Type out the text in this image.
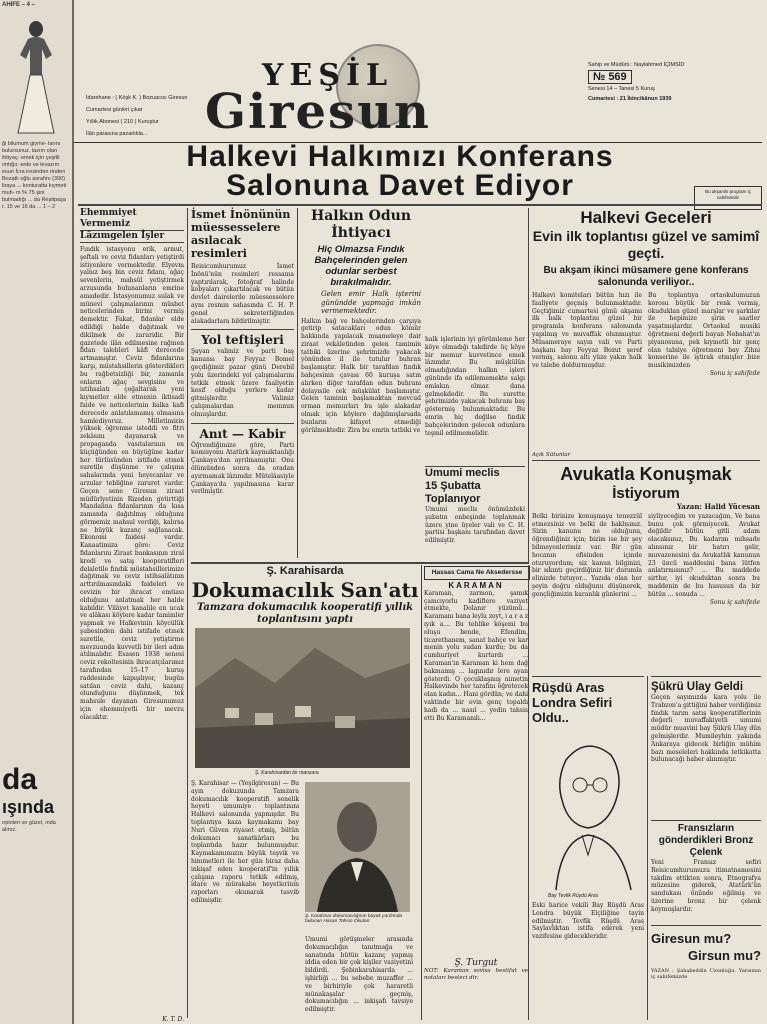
AHIFE – 4 –
ği bilumum giyme- larını bulursunuz. lazım olan ihtiyaç- emek için çeşitli ımtığır. erde ve levazım esun İcra iresinden rinden Bozatlı oğlu asrafını (390) liraya ... konturatta kıymeti muh- m % 75 şini bulmadığı ... da Reşitpaşa r. 15 ve 16 da ... 1 – 2
da
ışında
ırpinleri ve güzel, ında alınız.
İdarehane : ( Köşk K. ) Bozuacısı Giresun
Cumartesi günleri çıkar
Yıllık Abonesi ( 210 ) Kuruştur
İlân parasına pazarlıkla...
YEŞİL
Giresun
Sahip ve Müdürü : Naylahmed İÇİMSİD
№ 569
Senesi 14 – Tanesi 5 Kuruş
Cumartesi : 21 İkincikânun 1939
Halkevi Halkımızı Konferans
Salonuna Davet Ediyor	Bu akşamki program iç sahifededir
Ehemmiyet Vermemiz
Lâzımgelen İşler
Fındık istasyonu erik, armut, şeftali ve ceviz fidanları yetiştirdi istiyenlere vermektedir. Elyevm yalnız beş bin ceviz fidanı, ağaç sevenlerin, mahsûl yetiştirmek arzusunda bulunanların emrine amadedir. İstasyonumuz sulak ve münevi çalışmalarının müsbet neticelerinden birini vermiş demektir. Fakat, fidanlar elde edildiği halde dağıtmak ve dikilmek de zaruridir. Bir gazetede ilân edilmesine rağmen fidan talebleri kâfi derecede artmamıştır. Ceviz fidanlarına karşı, müstahsillerin gösterdikleri bu rağbetsizliği bir, zamanla onların ağaç sevgisine ve istihsalatı çoğaltarak yeni kıymetler elde etmenin iktisadî faide ve neticelerinin halka kafi derecede anlatılamamış olmasına hamlediyoruz. Milletimizin yüksek öğrenme isteddi ve fitri zekâsını dayanarak ve propaganda vasıtalarının en küçüğünden en büyüğüne kadar her türlüsünden istifade etmek suretile düşünme ve çalışma sahalarında yeni heyecanlar ve arzular tebliğine zaruret vardır. Geçen sene Giresun ziraat müdürlyetinin Rizeden getirttiği Mandalina fidanlarının da kısa zamanda dağıtılmış olduğunu görmemiz mahsul verdiği, kalırsa ne büyük kazanç sağlanacak. Ekonomi faidesi vardır. Kanaatimiza göre: Ceviz fidanlarını Ziraat bankasının ziraî kredi ve satış kooperatifleri delaletile fındık müstahsillerimize dağıtmak ve ceviz istihsalâtının arttırılmasındaki faideleri ve cevizin bir ihracat emtiası olduğunu anlatmak her halde kabildir. Vilâyet kanalile en ucak ve alâkası köylere kadar tamimler yapmak ve Halkevinin köycülük şubesinden dahi istifade etmek suretile, ceviz yetiştirme mevzuunda kuvvetli bir ileri adım atılmalıdır. Esasen 1938 senesi ceviz rekoltesinin ihracatçılarımız tarafından 15–17 kuruş raddesinde kapışılıyor, bugün satılan ceviz dahi, kazanç olunduğunu düşünmek, tek mahsule dayanan Giresunumuz için ehemmiyetli bir mevzu olacaktır.
K. T. D.
İsmet İnönünün müessesselere asılacak resimleri
Reisicumhurumuz İsmet İnönü'nün resimleri ressama yaptırılarak, fotoğraf halinde kobyaları çıkartılacak ve bütün devlet dairelerile müessesselere aynı resmin sahasında C. H. P. genel sekreterliğinden alakadarlara bildirilmiştir.
Yol teftişleri
Şayan valimiz ve parti baş kanunsı bay Feyyaz Bomel geçdiğimiz pazar günü Derebil yolu üzerindeki yol çalışmalarını tetkik etmek üzere faaliyetin kesif olduğu yerlere kadar gitmişlerdir. Valimiz çalışmalardan memnun olmuşlardır.
Anıt — Kabir
Öğrendiğimize göre, Parti komisyonu Atatürk kaymaktanlığı Çankaya'dan ayrılmamıştır. Onu ölümünden sonra da oradan ayırmamak lâzımdır. Mütelâasiyle Çankaya'da yapılmasına karar verilmiştir.
Halkın Odun İhtiyacı
Hiç Olmazsa Fındık Bahçelerinden gelen odunlar serbest bırakılmalıdır.
Gelen emir Halk işterini günündde yapmağa imkân vermemektedir.
Halkın bağ ve bahçelerinden çarşıya getirip satacakları odun kömür hakkında yapılacak muameleye dair ziraat vekâletinden gelen tamimin tatbiki üzerine şehrimizde yakacak yönünden il ile tutulur buhran başlamıştır. Halk bir tarafdan fındık bahçesinin çavası 60 kuruşa satın alırken diğer tarafdan odun buhranı dolayısile cek müşkülat başlamıştır. Gelen taminin başlamaktan mevcud orman memurları bu işle alakadar olmak için köylere dağılmışlarsada bunların kifayet etmediği görülmektedir. Zira bu emrin tatbiki ve
halk işlerinin iyi görümleme her köye olmadığı takdirde üç köye bir memur kuvvetince emek lâzımdır. Bu müşkülün olmadığından halkın işleri gününde ifa edilememekte salgı emlakın olmaz dana gelmekdedir. Bu surette şehrimizde yakacak buhranı baş göstermiş bulunmaktadır. Bu emrin hiç değilse fındık bahçelerinden gelecek odunlara teşmil edilmemelidir.
Umumi meclis
15 Şubatta
Toplanıyor
Umumi meclis önümüzdeki şubatın onbeşinde toplanmak üzere yine üyeler vali ve C. H. partisi başkanı tarafından davet edilmiştir.
Halkevi Geceleri
Evin ilk toplantısı güzel ve samimî geçti.
Bu akşam ikinci müsamere gene konferans salonunda veriliyor..
Halkevi komiteları bütün hızı ile faaliyete geçmiş bulunmaktadır. Geçtiğimiz cumartesi günü akşamı ilk balk toplantısı güzel bir programla konferans salonunda yapılmış ve muvaffak olunmuştur. Müsameraye sayın vali ve Parti başkanı bay Feyyaz Bozut şeref vermiş, salonu altı yüze yakın halk ve talebe doldurmuşdur.
Bu toplantıya ortaokulumuzun korosu büyük bir renk vermiş, okuduklan güzel marşlar ve şarkılar ile hepimize şirin saatler yaşatmışlardır. Ortaokul musiki öğretmeni değerli bayan Nebahat'ın piyanosuna, pek kıymetli bir genç olan tabiiye öğretmeni bay Zihni konserine ile iştirak etmişler bize musikimizden
Sonu iç sahifede
Açık Sütunlar
Avukatla Konuşmak
İstiyorum
Yazan: Halid Yücesan
Belki birinize konuşmaya tenezzül etmezsiniz ve belki de haklısınız. Sizin kanunu ne olduğunu, öğrendiğiniz için; bizim ise bir şey bilmeyenlerimiz var. Bir gün hocanın ofisinden içinde oturuyordum; siz kanun bilginizi, bir sıkıntı geçirdiğiniz bir durumla elinizde tutuyor... Yazıda olan her şeyin doğru olduğunu düşünerek, gençliğimizin karanlık günlerini ...
siyliyeceğim ve yazacağım, Ve bana bunu çok görmiyecek. Avukat değildir bütün gitli adam olacaksınız, Bu kadarım mihsade alınsınız bir hatırı gelir, muvazenesini da Avukatlık kanunun 23 üncü maddesini bana lütfen anlatırmısınız? ... Bu maddede sirthır, iyi okuduktan sonra bu maddenin de bu hususun da bir bütün ... sonuda ...
Sonu iç sahifede
Ş. Karahisarda
Dokumacılık San'atı
Tamzara dokumacılık kooperatifi yıllık toplantısını yaptı
Ş. Karahisardan bir manzara
Ş. Karahisar — (Yeşilgiresun) — Bu ayın dokuzunda Tamzara dokumacılık kooperatifi senelik heyeti umumiye toplantısını Halkevi salonunda yapmışdır. Bu toplantıya kaza kaymakamı bay Nuri Güven riyaset etmiş, bütün dokumacı sanatkârları bu toplantıda hazır bulunmuşdur. Kaymakamımızın büyük teşvik ve himmetleri ile her gün biraz daha inkişaf eden kooperatif'in yıllık çalışma raporu tetkik edilmiş, idare ve mürakabe heyetlerinin raporları okunarak tasvib edilmişdir.
Ş. Karahisar dokumacılığının büyük yardımda bulunan Hasan Tahsin Okutan
Umumi görüşmeler arasında dokumacılığın tanıtmağa ve sanatında bütün kazanç yapmış iddia eden bir çok kişiler vaziyetini bildirdi. Şebinkarahisarda ... işbirliği ... bu sebebe muzaffer ... ve birbiriyle çok hararetli münakaşalar geçmiş, dokumacılığın ... inkişafı tavsiye edilmiştir.
Hassas Cama Ne Aksedersse
KARAMAN
Karaman, zarmon, şamık çamcıyorlu kadiflere vaziyet etmekte, Dolanır yüzümü... Karamanı bana leylu zeyt, i a r a z ıyık a.... Bu tehlike köşemi bu oluşu bende, Efendim, ticarethanem, sanat bahçe ve kar menin yolu sudan kurdu; bu da cumhuriyet kurtardı ... Karaman'ın Karaman ki hem dağ bakmamış ... lagınıdır lere ayan gösterdi. O çocuklaşmış nimetin Halkevinde her tarafını öğretecek olan kadın... Hani gördün; ve dahi vaktinde bir evin genç topaldı hadi da ... nasıl ... yedin tahsis etti Bu Karamanılı...
Ş. Turgut
NOT: Karaman sovisa bestifut ve notaları besteci dir.
Rüşdü Aras
Londra Sefiri
Oldu..
Bay Tevfik Rüşdü Aras
Eski harice vekili Bay Rüşdü Aras Londra büyük Elçiliğine tayin edilmiştir. Tevfik Rüşdü Aras Saylavlıktan istifa ederek yeni vazifesine gidecekleridir.
Şükrü Ulay Geldi
Geçen sayımızda kara yolu ile Trabzon'a gittiğini haber verdiğimiz fındık tarım satış kooperatiflerinin değerli muvaffakiyetli umumi müdür muavini bay Şükrü Ulay dün gelmişlerdir. Mumileyhin yakında Ankaraya gidecek birliğin mühim bazı meseleleri hakkında tetkikatta bulunacağı haber alınmıştır.
Fransızların gönderdikleri Bronz Çelenk
Yeni Fransız sefiri Reisicumhurumuzu itimatnamesini takdim ettikten sonra, Etnografya müzesine giderek, Atatürk'ün sandukası önünde eğilmiş ve üzerine bronz bir çelenk koymuşlardır.
Giresun mu?
Girsun mu?
YAZAN : Şahabeddin Uzunluğu. Yarısının iç sahifemizde
